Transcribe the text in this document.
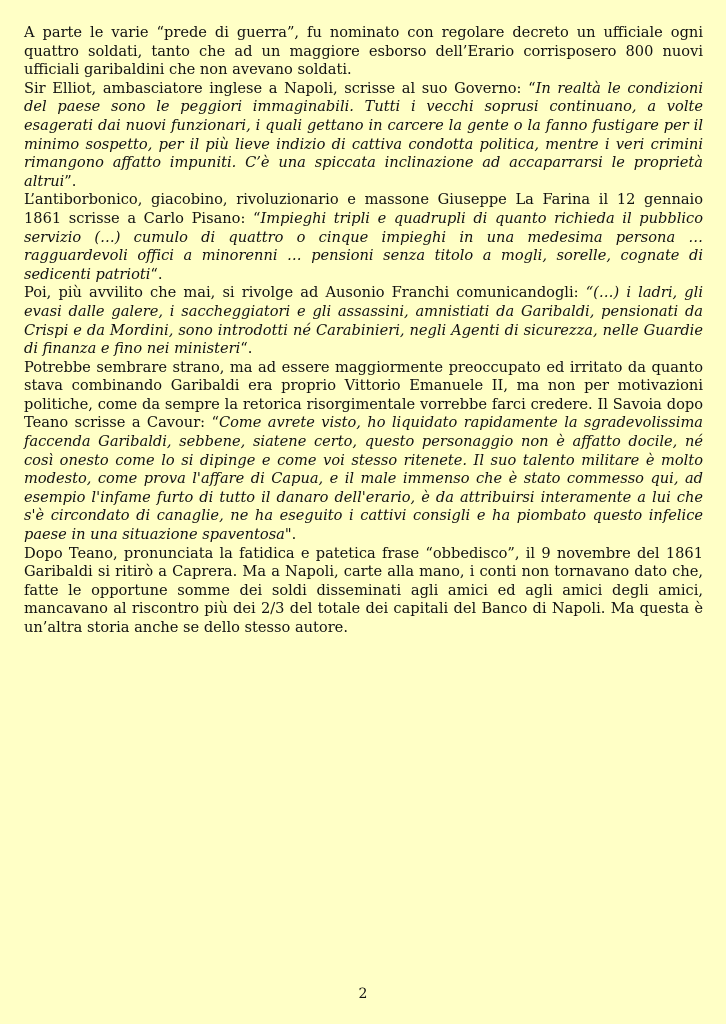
A parte le varie “prede di guerra”, fu nominato con regolare decreto un ufficiale ogni quattro soldati, tanto che ad un maggiore esborso dell’Erario corrisposero 800 nuovi ufficiali garibaldini che non avevano soldati.

Sir Elliot, ambasciatore inglese a Napoli, scrisse al suo Governo: “In realtà le condizioni del paese sono le peggiori immaginabili. Tutti i vecchi soprusi continuano, a volte esagerati dai nuovi funzionari, i quali gettano in carcere la gente o la fanno fustigare per il minimo sospetto, per il più lieve indizio di cattiva condotta politica, mentre i veri crimini rimangono affatto impuniti. C’è una spiccata inclinazione ad accaparrarsi le proprietà altrui”.

L’antiborbonico, giacobino, rivoluzionario e massone Giuseppe La Farina il 12 gennaio 1861 scrisse a Carlo Pisano: “Impieghi tripli e quadrupli di quanto richieda il pubblico servizio (…) cumulo di quattro o cinque impieghi in una medesima persona … ragguardevoli offici a minorenni … pensioni senza titolo a mogli, sorelle, cognate di sedicenti patrioti“.

Poi, più avvilito che mai, si rivolge ad Ausonio Franchi comunicandogli: “(…) i ladri, gli evasi dalle galere, i saccheggiatori e gli assassini, amnistiati da Garibaldi, pensionati da Crispi e da Mordini, sono introdotti né Carabinieri, negli Agenti di sicurezza, nelle Guardie di finanza e fino nei ministeri“.

Potrebbe sembrare strano, ma ad essere maggiormente preoccupato ed irritato da quanto stava combinando Garibaldi era proprio Vittorio Emanuele II, ma non per motivazioni politiche, come da sempre la retorica risorgimentale vorrebbe farci credere. Il Savoia dopo Teano scrisse a Cavour: “Come avrete visto, ho liquidato rapidamente la sgradevolissima faccenda Garibaldi, sebbene, siatene certo, questo personaggio non è affatto docile, né così onesto come lo si dipinge e come voi stesso ritenete. Il suo talento militare è molto modesto, come prova l'affare di Capua, e il male immenso che è stato commesso qui, ad esempio l'infame furto di tutto il danaro dell'erario, è da attribuirsi interamente a lui che s'è circondato di canaglie, ne ha eseguito i cattivi consigli e ha piombato questo infelice paese in una situazione spaventosa".

Dopo Teano, pronunciata la fatidica e patetica frase “obbedisco”, il 9 novembre del 1861 Garibaldi si ritirò a Caprera. Ma a Napoli, carte alla mano, i conti non tornavano dato che, fatte le opportune somme dei soldi disseminati agli amici ed agli amici degli amici, mancavano al riscontro più dei 2/3 del totale dei capitali del Banco di Napoli. Ma questa è un’altra storia anche se dello stesso autore.

2
